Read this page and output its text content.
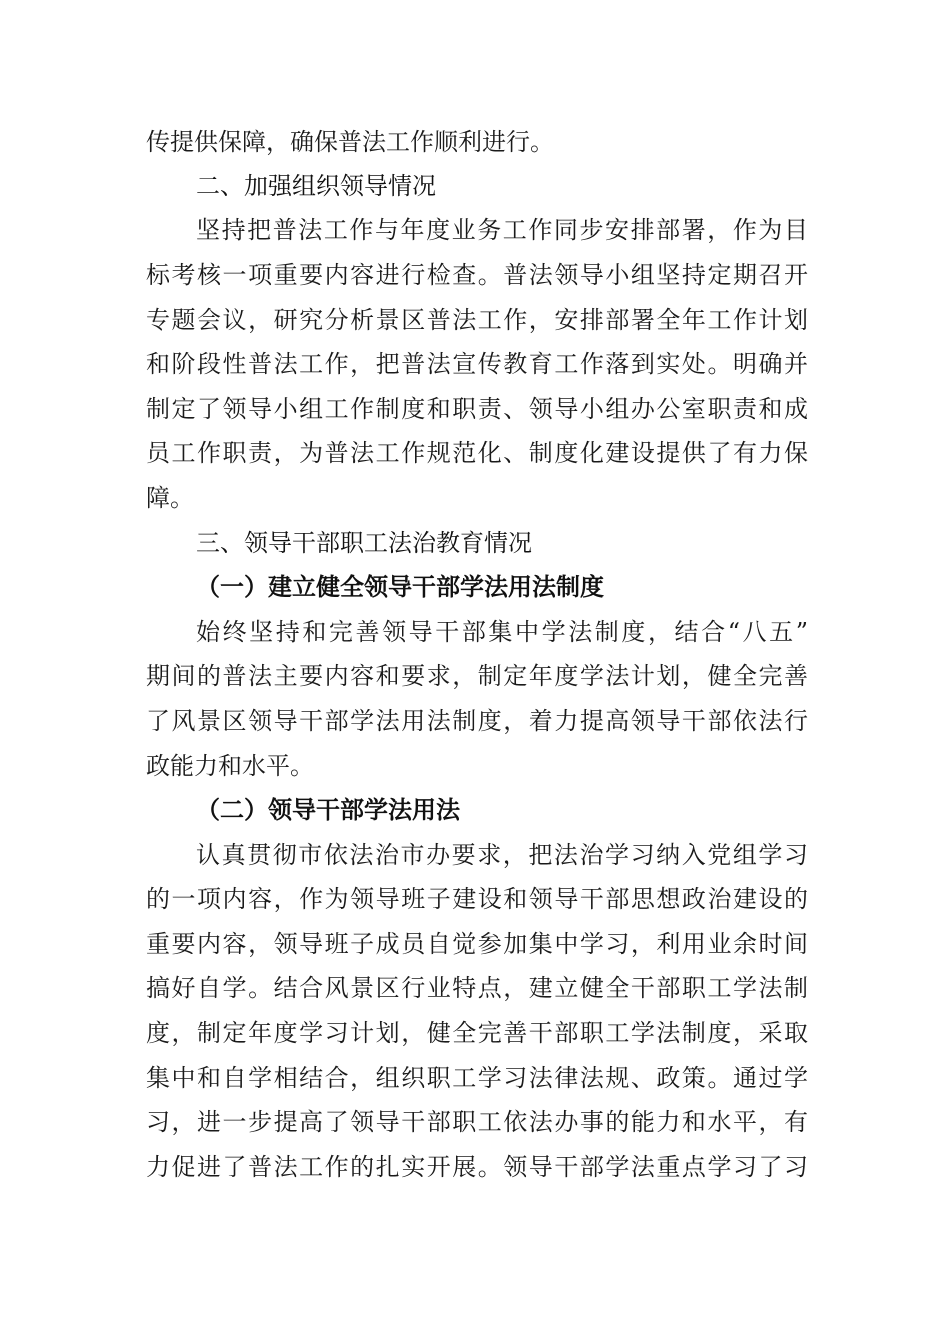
传提供保障，确保普法工作顺利进行。
二、加强组织领导情况
坚持把普法工作与年度业务工作同步安排部署，作为目
标考核一项重要内容进行检查。普法领导小组坚持定期召开
专题会议，研究分析景区普法工作，安排部署全年工作计划
和阶段性普法工作，把普法宣传教育工作落到实处。明确并
制定了领导小组工作制度和职责、领导小组办公室职责和成
员工作职责，为普法工作规范化、制度化建设提供了有力保
障。
三、领导干部职工法治教育情况
（一）建立健全领导干部学法用法制度
始终坚持和完善领导干部集中学法制度，结合“八五”
期间的普法主要内容和要求，制定年度学法计划，健全完善
了风景区领导干部学法用法制度，着力提高领导干部依法行
政能力和水平。
（二）领导干部学法用法
认真贯彻市依法治市办要求，把法治学习纳入党组学习
的一项内容，作为领导班子建设和领导干部思想政治建设的
重要内容，领导班子成员自觉参加集中学习，利用业余时间
搞好自学。结合风景区行业特点，建立健全干部职工学法制
度，制定年度学习计划，健全完善干部职工学法制度，采取
集中和自学相结合，组织职工学习法律法规、政策。通过学
习，进一步提高了领导干部职工依法办事的能力和水平，有
力促进了普法工作的扎实开展。领导干部学法重点学习了习
